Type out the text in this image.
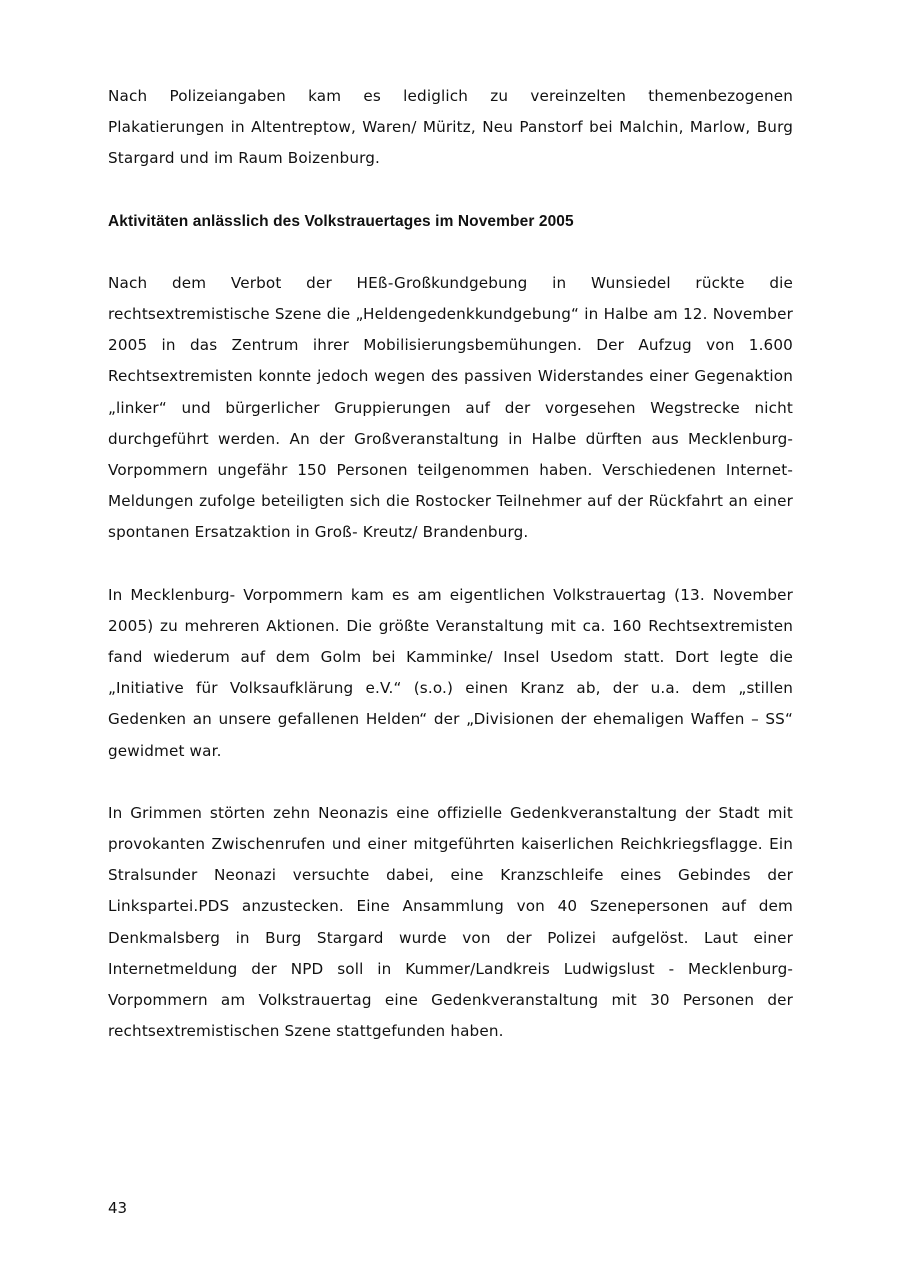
Nach Polizeiangaben kam es lediglich zu vereinzelten themenbezogenen Plakatierungen in Altentreptow, Waren/ Müritz, Neu Panstorf bei Malchin, Marlow, Burg Stargard und im Raum Boizenburg.

Aktivitäten anlässlich des Volkstrauertages im November 2005

Nach dem Verbot der HEß-Großkundgebung in Wunsiedel rückte die rechtsextremistische Szene die „Heldengedenkkundgebung“ in Halbe am 12. November 2005 in das Zentrum ihrer Mobilisierungsbemühungen. Der Aufzug von 1.600 Rechtsextremisten konnte jedoch wegen des passiven Widerstandes einer Gegenaktion „linker“ und bürgerlicher Gruppierungen auf der vorgesehen Wegstrecke nicht durchgeführt werden. An der Großveranstaltung in Halbe dürften aus Mecklenburg-Vorpommern ungefähr 150 Personen teilgenommen haben. Verschiedenen Internet-Meldungen zufolge beteiligten sich die Rostocker Teilnehmer auf der Rückfahrt an einer spontanen Ersatzaktion in Groß- Kreutz/ Brandenburg.

In Mecklenburg- Vorpommern kam es am eigentlichen Volkstrauertag (13. November 2005) zu mehreren Aktionen. Die größte Veranstaltung mit ca. 160 Rechtsextremisten fand wiederum auf dem Golm bei Kamminke/ Insel Usedom statt. Dort legte die „Initiative für Volksaufklärung e.V.“ (s.o.) einen Kranz ab, der u.a. dem „stillen Gedenken an unsere gefallenen Helden“ der „Divisionen der ehemaligen Waffen – SS“ gewidmet war.

In Grimmen störten zehn Neonazis eine offizielle Gedenkveranstaltung der Stadt mit provokanten Zwischenrufen und einer mitgeführten kaiserlichen Reichkriegsflagge. Ein Stralsunder Neonazi versuchte dabei, eine Kranzschleife eines Gebindes der Linkspartei.PDS anzustecken. Eine Ansammlung von 40 Szenepersonen auf dem Denkmalsberg in Burg Stargard wurde von der Polizei aufgelöst. Laut einer Internetmeldung der NPD soll in Kummer/Landkreis Ludwigslust - Mecklenburg-Vorpommern am Volkstrauertag eine Gedenkveranstaltung mit 30 Personen der rechtsextremistischen Szene stattgefunden haben.

43
